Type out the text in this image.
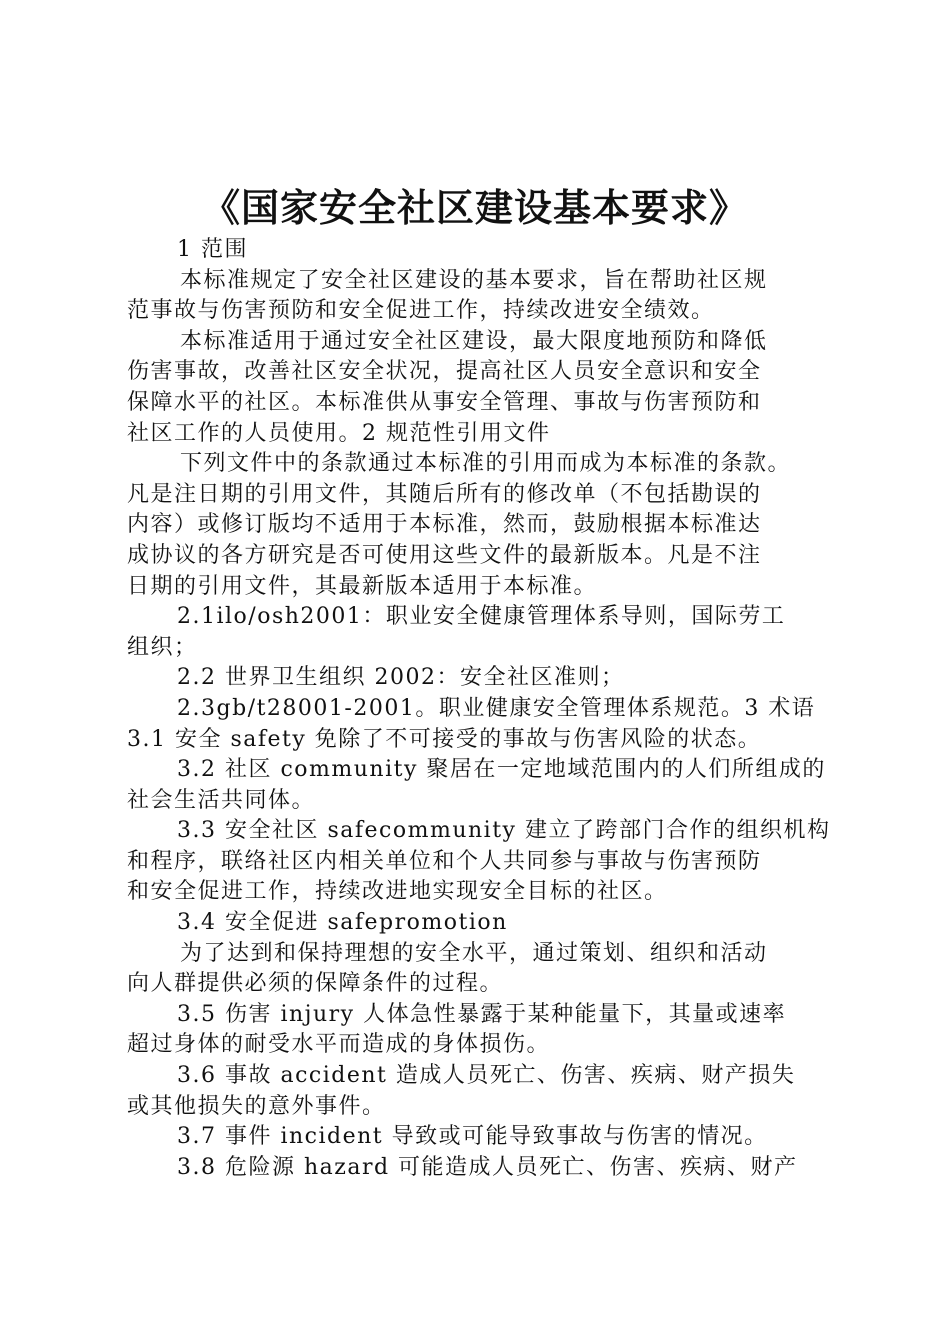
《国家安全社区建设基本要求》
1 范围
本标准规定了安全社区建设的基本要求，旨在帮助社区规
范事故与伤害预防和安全促进工作，持续改进安全绩效。
本标准适用于通过安全社区建设，最大限度地预防和降低
伤害事故，改善社区安全状况，提高社区人员安全意识和安全
保障水平的社区。本标准供从事安全管理、事故与伤害预防和
社区工作的人员使用。2 规范性引用文件
下列文件中的条款通过本标准的引用而成为本标准的条款。
凡是注日期的引用文件，其随后所有的修改单（不包括勘误的
内容）或修订版均不适用于本标准，然而，鼓励根据本标准达
成协议的各方研究是否可使用这些文件的最新版本。凡是不注
日期的引用文件，其最新版本适用于本标准。
2.1ilo/osh2001：职业安全健康管理体系导则，国际劳工
组织；
2.2 世界卫生组织 2002：安全社区准则；
2.3gb/t28001-2001。职业健康安全管理体系规范。3 术语
3.1 安全 safety 免除了不可接受的事故与伤害风险的状态。
3.2 社区 community 聚居在一定地域范围内的人们所组成的
社会生活共同体。
3.3 安全社区 safecommunity 建立了跨部门合作的组织机构
和程序，联络社区内相关单位和个人共同参与事故与伤害预防
和安全促进工作，持续改进地实现安全目标的社区。
3.4 安全促进 safepromotion
为了达到和保持理想的安全水平，通过策划、组织和活动
向人群提供必须的保障条件的过程。
3.5 伤害 injury 人体急性暴露于某种能量下，其量或速率
超过身体的耐受水平而造成的身体损伤。
3.6 事故 accident 造成人员死亡、伤害、疾病、财产损失
或其他损失的意外事件。
3.7 事件 incident 导致或可能导致事故与伤害的情况。
3.8 危险源 hazard 可能造成人员死亡、伤害、疾病、财产
